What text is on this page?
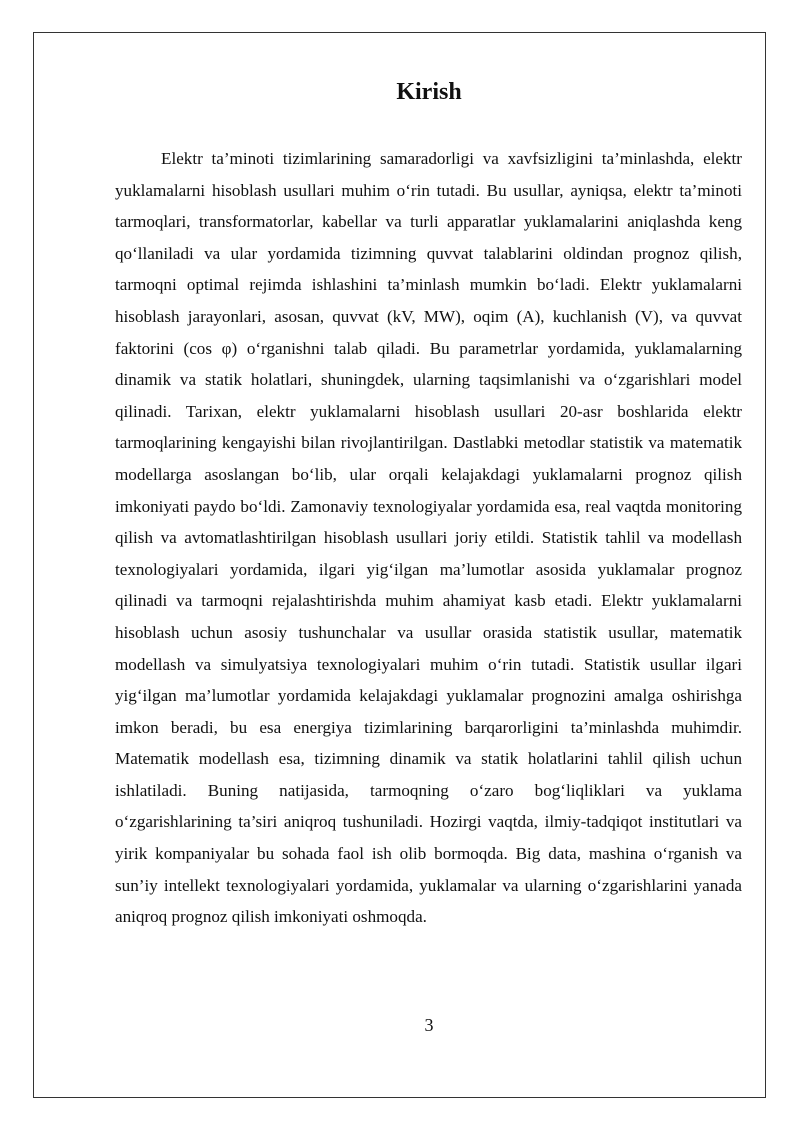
Kirish

Elektr ta’minoti tizimlarining samaradorligi va xavfsizligini ta’minlashda, elektr yuklamalarni hisoblash usullari muhim o‘rin tutadi. Bu usullar, ayniqsa, elektr ta’minoti tarmoqlari, transformatorlar, kabellar va turli apparatlar yuklamalarini aniqlashda keng qo‘llaniladi va ular yordamida tizimning quvvat talablarini oldindan prognoz qilish, tarmoqni optimal rejimda ishlashini ta’minlash mumkin bo‘ladi. Elektr yuklamalarni hisoblash jarayonlari, asosan, quvvat (kV, MW), oqim (A), kuchlanish (V), va quvvat faktorini (cos φ) o‘rganishni talab qiladi. Bu parametrlar yordamida, yuklamalarning dinamik va statik holatlari, shuningdek, ularning taqsimlanishi va o‘zgarishlari model qilinadi. Tarixan, elektr yuklamalarni hisoblash usullari 20-asr boshlarida elektr tarmoqlarining kengayishi bilan rivojlantirilgan. Dastlabki metodlar statistik va matematik modellarga asoslangan bo‘lib, ular orqali kelajakdagi yuklamalarni prognoz qilish imkoniyati paydo bo‘ldi. Zamonaviy texnologiyalar yordamida esa, real vaqtda monitoring qilish va avtomatlashtirilgan hisoblash usullari joriy etildi. Statistik tahlil va modellash texnologiyalari yordamida, ilgari yig‘ilgan ma’lumotlar asosida yuklamalar prognoz qilinadi va tarmoqni rejalashtirishda muhim ahamiyat kasb etadi. Elektr yuklamalarni hisoblash uchun asosiy tushunchalar va usullar orasida statistik usullar, matematik modellash va simulyatsiya texnologiyalari muhim o‘rin tutadi. Statistik usullar ilgari yig‘ilgan ma’lumotlar yordamida kelajakdagi yuklamalar prognozini amalga oshirishga imkon beradi, bu esa energiya tizimlarining barqarorligini ta’minlashda muhimdir. Matematik modellash esa, tizimning dinamik va statik holatlarini tahlil qilish uchun ishlatiladi. Buning natijasida, tarmoqning o‘zaro bog‘liqliklari va yuklama o‘zgarishlarining ta’siri aniqroq tushuniladi. Hozirgi vaqtda, ilmiy-tadqiqot institutlari va yirik kompaniyalar bu sohada faol ish olib bormoqda. Big data, mashina o‘rganish va sun’iy intellekt texnologiyalari yordamida, yuklamalar va ularning o‘zgarishlarini yanada aniqroq prognoz qilish imkoniyati oshmoqda.

3
